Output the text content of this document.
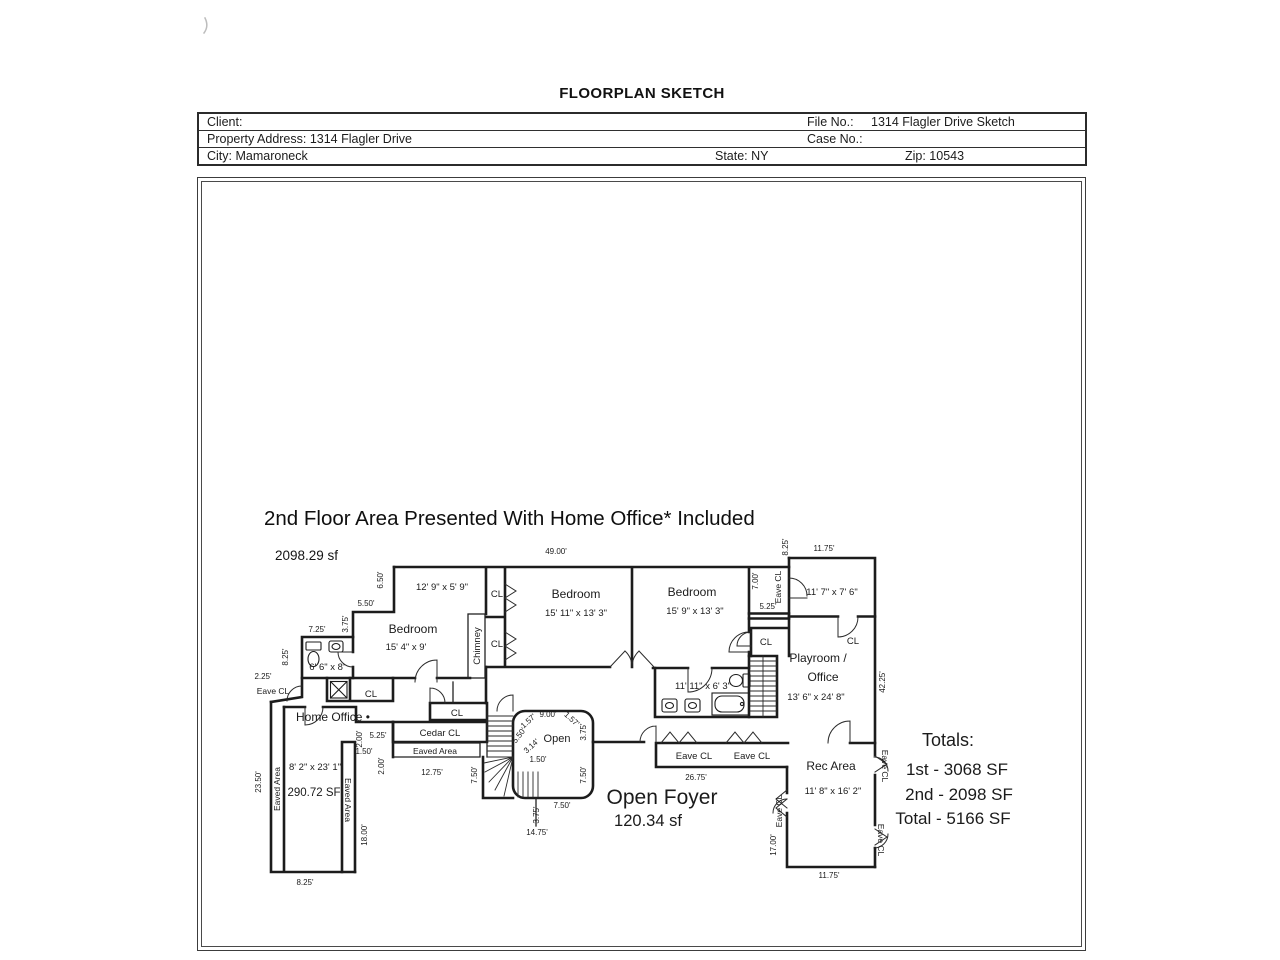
FLOORPLAN SKETCH
Client:	File No.: 1314 Flagler Drive Sketch
Property Address: 1314 Flagler Drive	Case No.:
City: Mamaroneck	State: NY	Zip: 10543
2nd Floor Area Presented With Home Office* Included
2098.29 sf	49.00'
6.50'
5.50'
3.75'
7.25'
8.25'
2.25'
7.00'
5.25'
8.25'	11.75'
42.25'
2.00' 5.25'
1.50'
2.00'	12.75'
23.50'
18.00'
8.25'
9.00'
1.57'	1.57'
3.75'
5.50'
3.14'
1.50'
7.50'
7.50'
7.50'
3.75'
14.75'
26.75'
17.00'
11.75'
12' 9" x 5' 9"
Bedroom
15' 4" x 9'	Chimney
CL
CL
Bedroom
15' 11" x 13' 3"
Bedroom
15' 9" x 13' 3"
6' 6" x 8'
CL
Eave CL	11' 11" x 6' 3"
Eave CL 11' 7" x 7' 6"
CL
CL
Playroom /
Office
13' 6" x 24' 8"
Home Office •	CL
Cedar CL
Eaved Area
Eaved Area	Eaved Area
8' 2" x 23' 1"
290.72 SF
Open
Eave CL Eave CL
Rec Area
11' 8" x 16' 2"
Eave CL
Eave CL
Eave CL
Open Foyer
120.34 sf
Totals:
1st - 3068 SF
2nd - 2098 SF
Total - 5166 SF
